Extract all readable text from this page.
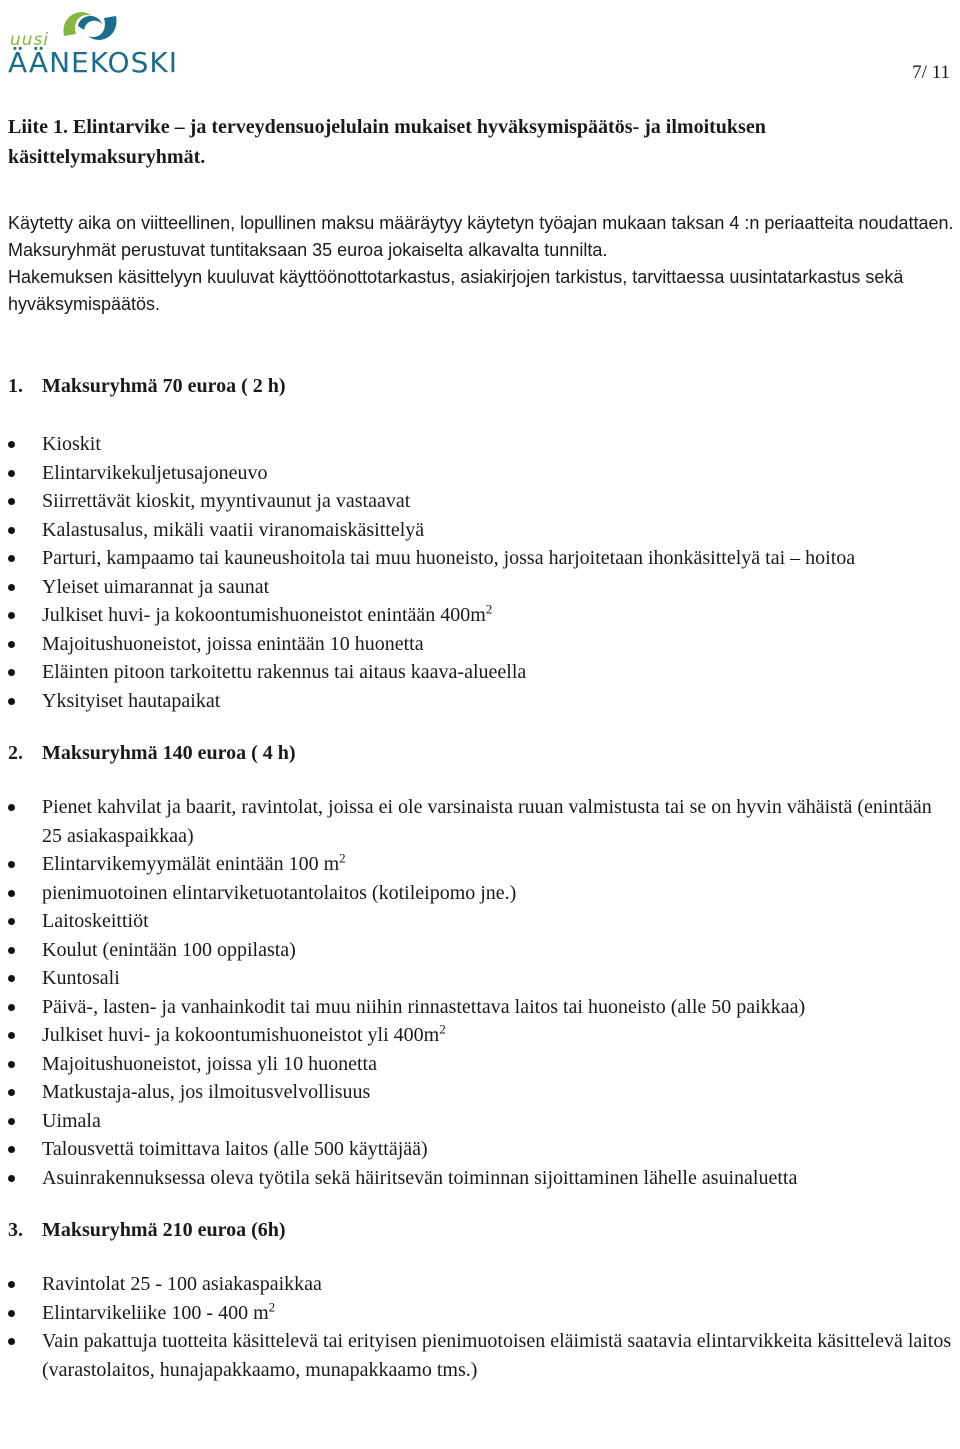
uusi
ÄÄNEKOSKI	7/ 11
Liite 1. Elintarvike – ja terveydensuojelulain mukaiset hyväksymispäätös- ja ilmoituksen käsittelymaksuryhmät.

Käytetty aika on viitteellinen, lopullinen maksu määräytyy käytetyn työajan mukaan taksan 4 :n periaatteita noudattaen. Maksuryhmät perustuvat tuntitaksaan 35 euroa jokaiselta alkavalta tunnilta.

Hakemuksen käsittelyyn kuuluvat käyttöönottotarkastus, asiakirjojen tarkistus, tarvittaessa uusintatarkastus sekä hyväksymispäätös.

1. Maksuryhmä 70 euroa ( 2 h)
Kioskit
Elintarvikekuljetusajoneuvo
Siirrettävät kioskit, myyntivaunut ja vastaavat
Kalastusalus, mikäli vaatii viranomaiskäsittelyä
Parturi, kampaamo tai kauneushoitola tai muu huoneisto, jossa harjoitetaan ihonkäsittelyä tai – hoitoa
Yleiset uimarannat ja saunat
Julkiset huvi- ja kokoontumishuoneistot enintään $400m^2$
Majoitushuoneistot, joissa enintään 10 huonetta
Eläinten pitoon tarkoitettu rakennus tai aitaus kaava-alueella
Yksityiset hautapaikat
2. Maksuryhmä 140 euroa ( 4 h)
Pienet kahvilat ja baarit, ravintolat, joissa ei ole varsinaista ruuan valmistusta tai se on hyvin vähäistä (enintään 25 asiakaspaikkaa)
Elintarvikemyymälät enintään 100 $m^2$
pienimuotoinen elintarviketuotantolaitos (kotileipomo jne.)
Laitoskeittiöt
Koulut (enintään 100 oppilasta)
Kuntosali
Päivä-, lasten- ja vanhainkodit tai muu niihin rinnastettava laitos tai huoneisto (alle 50 paikkaa)
Julkiset huvi- ja kokoontumishuoneistot yli $400m^2$
Majoitushuoneistot, joissa yli 10 huonetta
Matkustaja-alus, jos ilmoitusvelvollisuus
Uimala
Talousvettä toimittava laitos (alle 500 käyttäjää)
Asuinrakennuksessa oleva työtila sekä häiritsevän toiminnan sijoittaminen lähelle asuinaluetta
3. Maksuryhmä 210 euroa (6h)
Ravintolat 25 - 100 asiakaspaikkaa
Elintarvikeliike 100 - 400 $m^2$
Vain pakattuja tuotteita käsittelevä tai erityisen pienimuotoisen eläimistä saatavia elintarvikkeita käsittelevä laitos (varastolaitos, hunajapakkaamo, munapakkaamo tms.)
